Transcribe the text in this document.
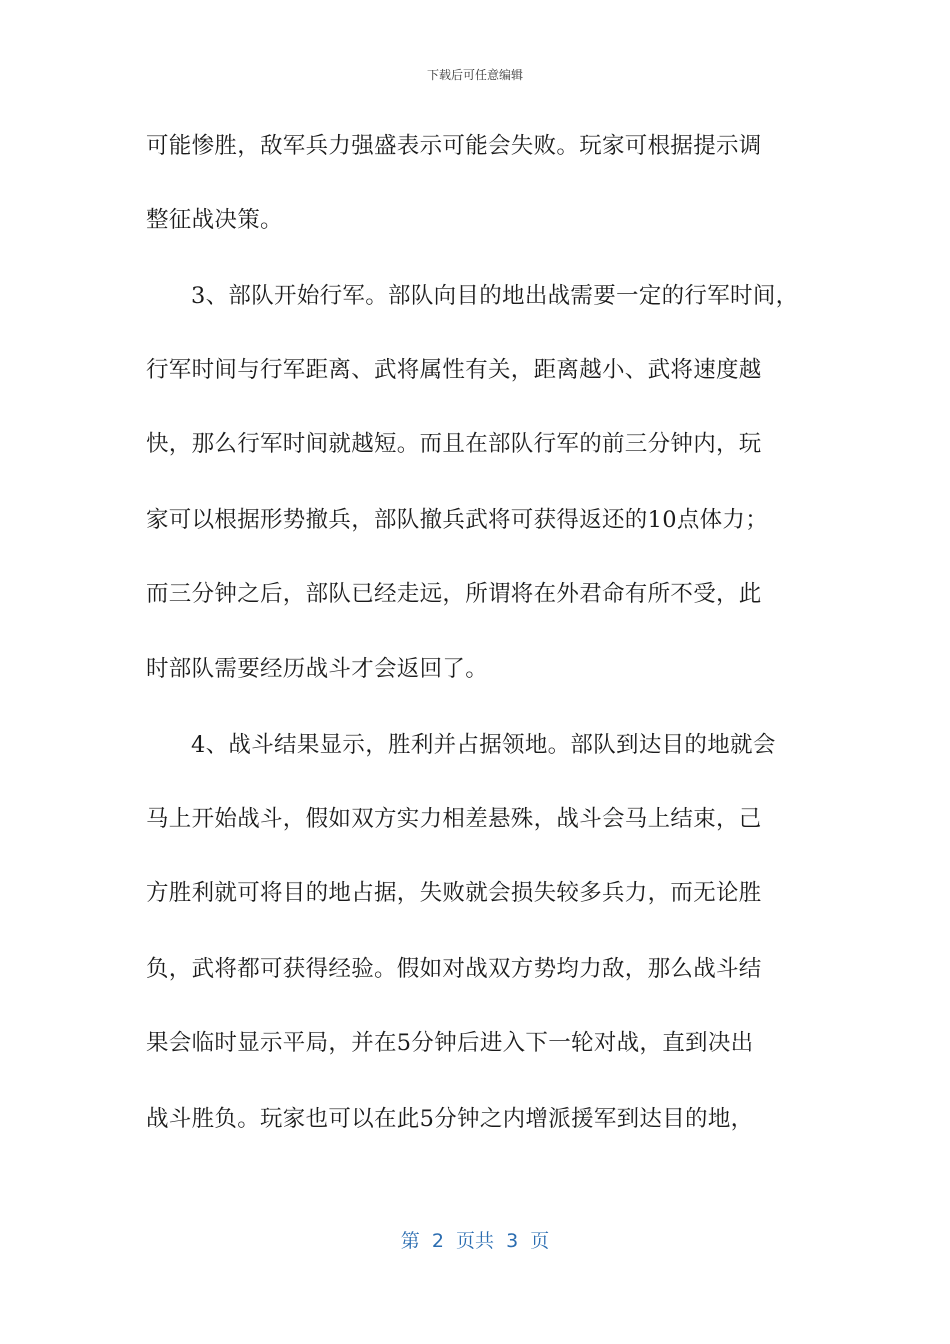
下载后可任意编辑
可能惨胜，敌军兵力强盛表示可能会失败。玩家可根据提示调
整征战决策。
3、部队开始行军。部队向目的地出战需要一定的行军时间，
行军时间与行军距离、武将属性有关，距离越小、武将速度越
快，那么行军时间就越短。而且在部队行军的前三分钟内，玩
家可以根据形势撤兵，部队撤兵武将可获得返还的10点体力；
而三分钟之后，部队已经走远，所谓将在外君命有所不受，此
时部队需要经历战斗才会返回了。
4、战斗结果显示，胜利并占据领地。部队到达目的地就会
马上开始战斗，假如双方实力相差悬殊，战斗会马上结束，己
方胜利就可将目的地占据，失败就会损失较多兵力，而无论胜
负，武将都可获得经验。假如对战双方势均力敌，那么战斗结
果会临时显示平局，并在5分钟后进入下一轮对战，直到决出
战斗胜负。玩家也可以在此5分钟之内增派援军到达目的地，
第  2  页共  3  页
